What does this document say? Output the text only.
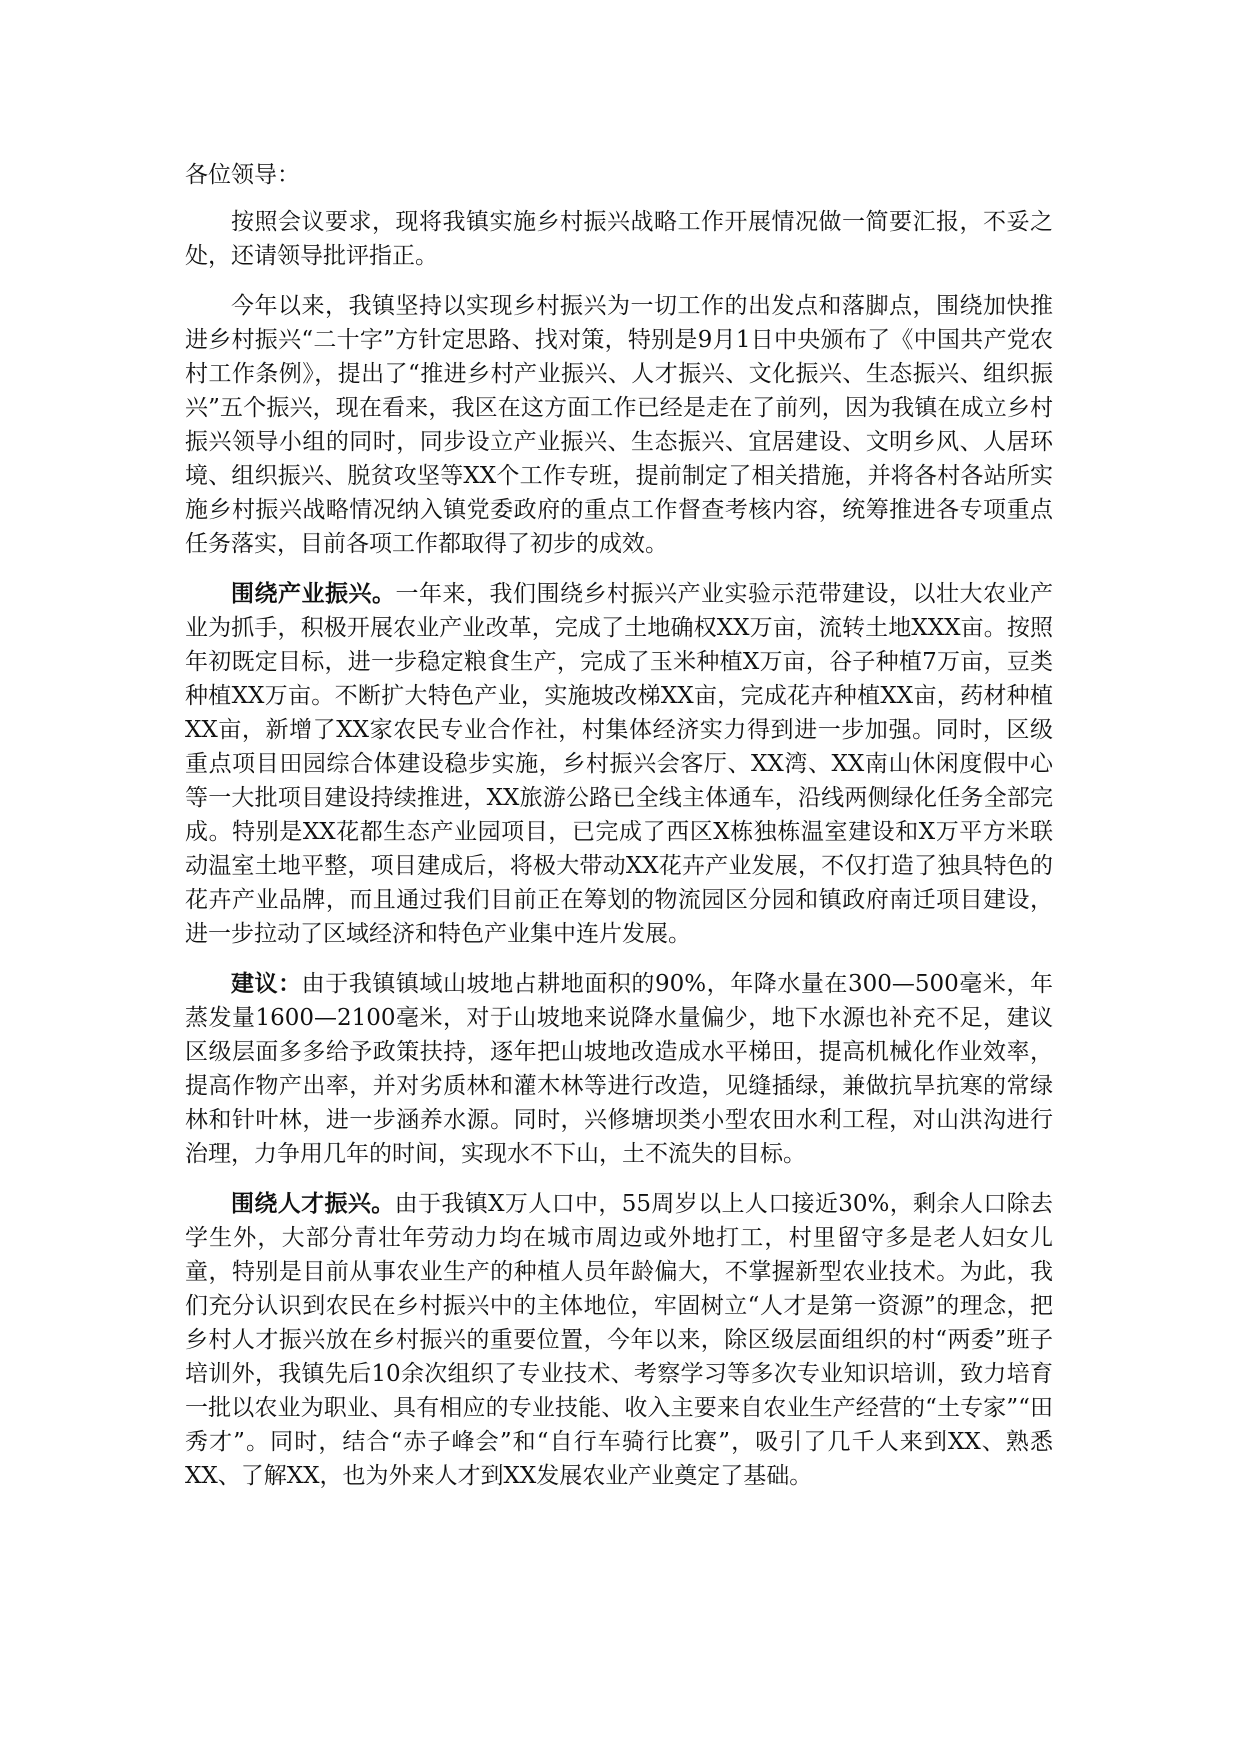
各位领导：

按照会议要求，现将我镇实施乡村振兴战略工作开展情况做一简要汇报，不妥之处，还请领导批评指正。

今年以来，我镇坚持以实现乡村振兴为一切工作的出发点和落脚点，围绕加快推进乡村振兴“二十字”方针定思路、找对策，特别是9月1日中央颁布了《中国共产党农村工作条例》，提出了“推进乡村产业振兴、人才振兴、文化振兴、生态振兴、组织振兴”五个振兴，现在看来，我区在这方面工作已经是走在了前列，因为我镇在成立乡村振兴领导小组的同时，同步设立产业振兴、生态振兴、宜居建设、文明乡风、人居环境、组织振兴、脱贫攻坚等XX个工作专班，提前制定了相关措施，并将各村各站所实施乡村振兴战略情况纳入镇党委政府的重点工作督查考核内容，统筹推进各专项重点任务落实，目前各项工作都取得了初步的成效。

围绕产业振兴。一年来，我们围绕乡村振兴产业实验示范带建设，以壮大农业产业为抓手，积极开展农业产业改革，完成了土地确权XX万亩，流转土地XXX亩。按照年初既定目标，进一步稳定粮食生产，完成了玉米种植X万亩，谷子种植7万亩，豆类种植XX万亩。不断扩大特色产业，实施坡改梯XX亩，完成花卉种植XX亩，药材种植XX亩，新增了XX家农民专业合作社，村集体经济实力得到进一步加强。同时，区级重点项目田园综合体建设稳步实施，乡村振兴会客厅、XX湾、XX南山休闲度假中心等一大批项目建设持续推进，XX旅游公路已全线主体通车，沿线两侧绿化任务全部完成。特别是XX花都生态产业园项目，已完成了西区X栋独栋温室建设和X万平方米联动温室土地平整，项目建成后，将极大带动XX花卉产业发展，不仅打造了独具特色的花卉产业品牌，而且通过我们目前正在筹划的物流园区分园和镇政府南迁项目建设，进一步拉动了区域经济和特色产业集中连片发展。

建议：由于我镇镇域山坡地占耕地面积的90%，年降水量在300—500毫米，年蒸发量1600—2100毫米，对于山坡地来说降水量偏少，地下水源也补充不足，建议区级层面多多给予政策扶持，逐年把山坡地改造成水平梯田，提高机械化作业效率，提高作物产出率，并对劣质林和灌木林等进行改造，见缝插绿，兼做抗旱抗寒的常绿林和针叶林，进一步涵养水源。同时，兴修塘坝类小型农田水利工程，对山洪沟进行治理，力争用几年的时间，实现水不下山，土不流失的目标。

围绕人才振兴。由于我镇X万人口中，55周岁以上人口接近30%，剩余人口除去学生外，大部分青壮年劳动力均在城市周边或外地打工，村里留守多是老人妇女儿童，特别是目前从事农业生产的种植人员年龄偏大，不掌握新型农业技术。为此，我们充分认识到农民在乡村振兴中的主体地位，牢固树立“人才是第一资源”的理念，把乡村人才振兴放在乡村振兴的重要位置，今年以来，除区级层面组织的村“两委”班子培训外，我镇先后10余次组织了专业技术、考察学习等多次专业知识培训，致力培育一批以农业为职业、具有相应的专业技能、收入主要来自农业生产经营的“土专家”“田秀才”。同时，结合“赤子峰会”和“自行车骑行比赛”，吸引了几千人来到XX、熟悉XX、了解XX，也为外来人才到XX发展农业产业奠定了基础。
